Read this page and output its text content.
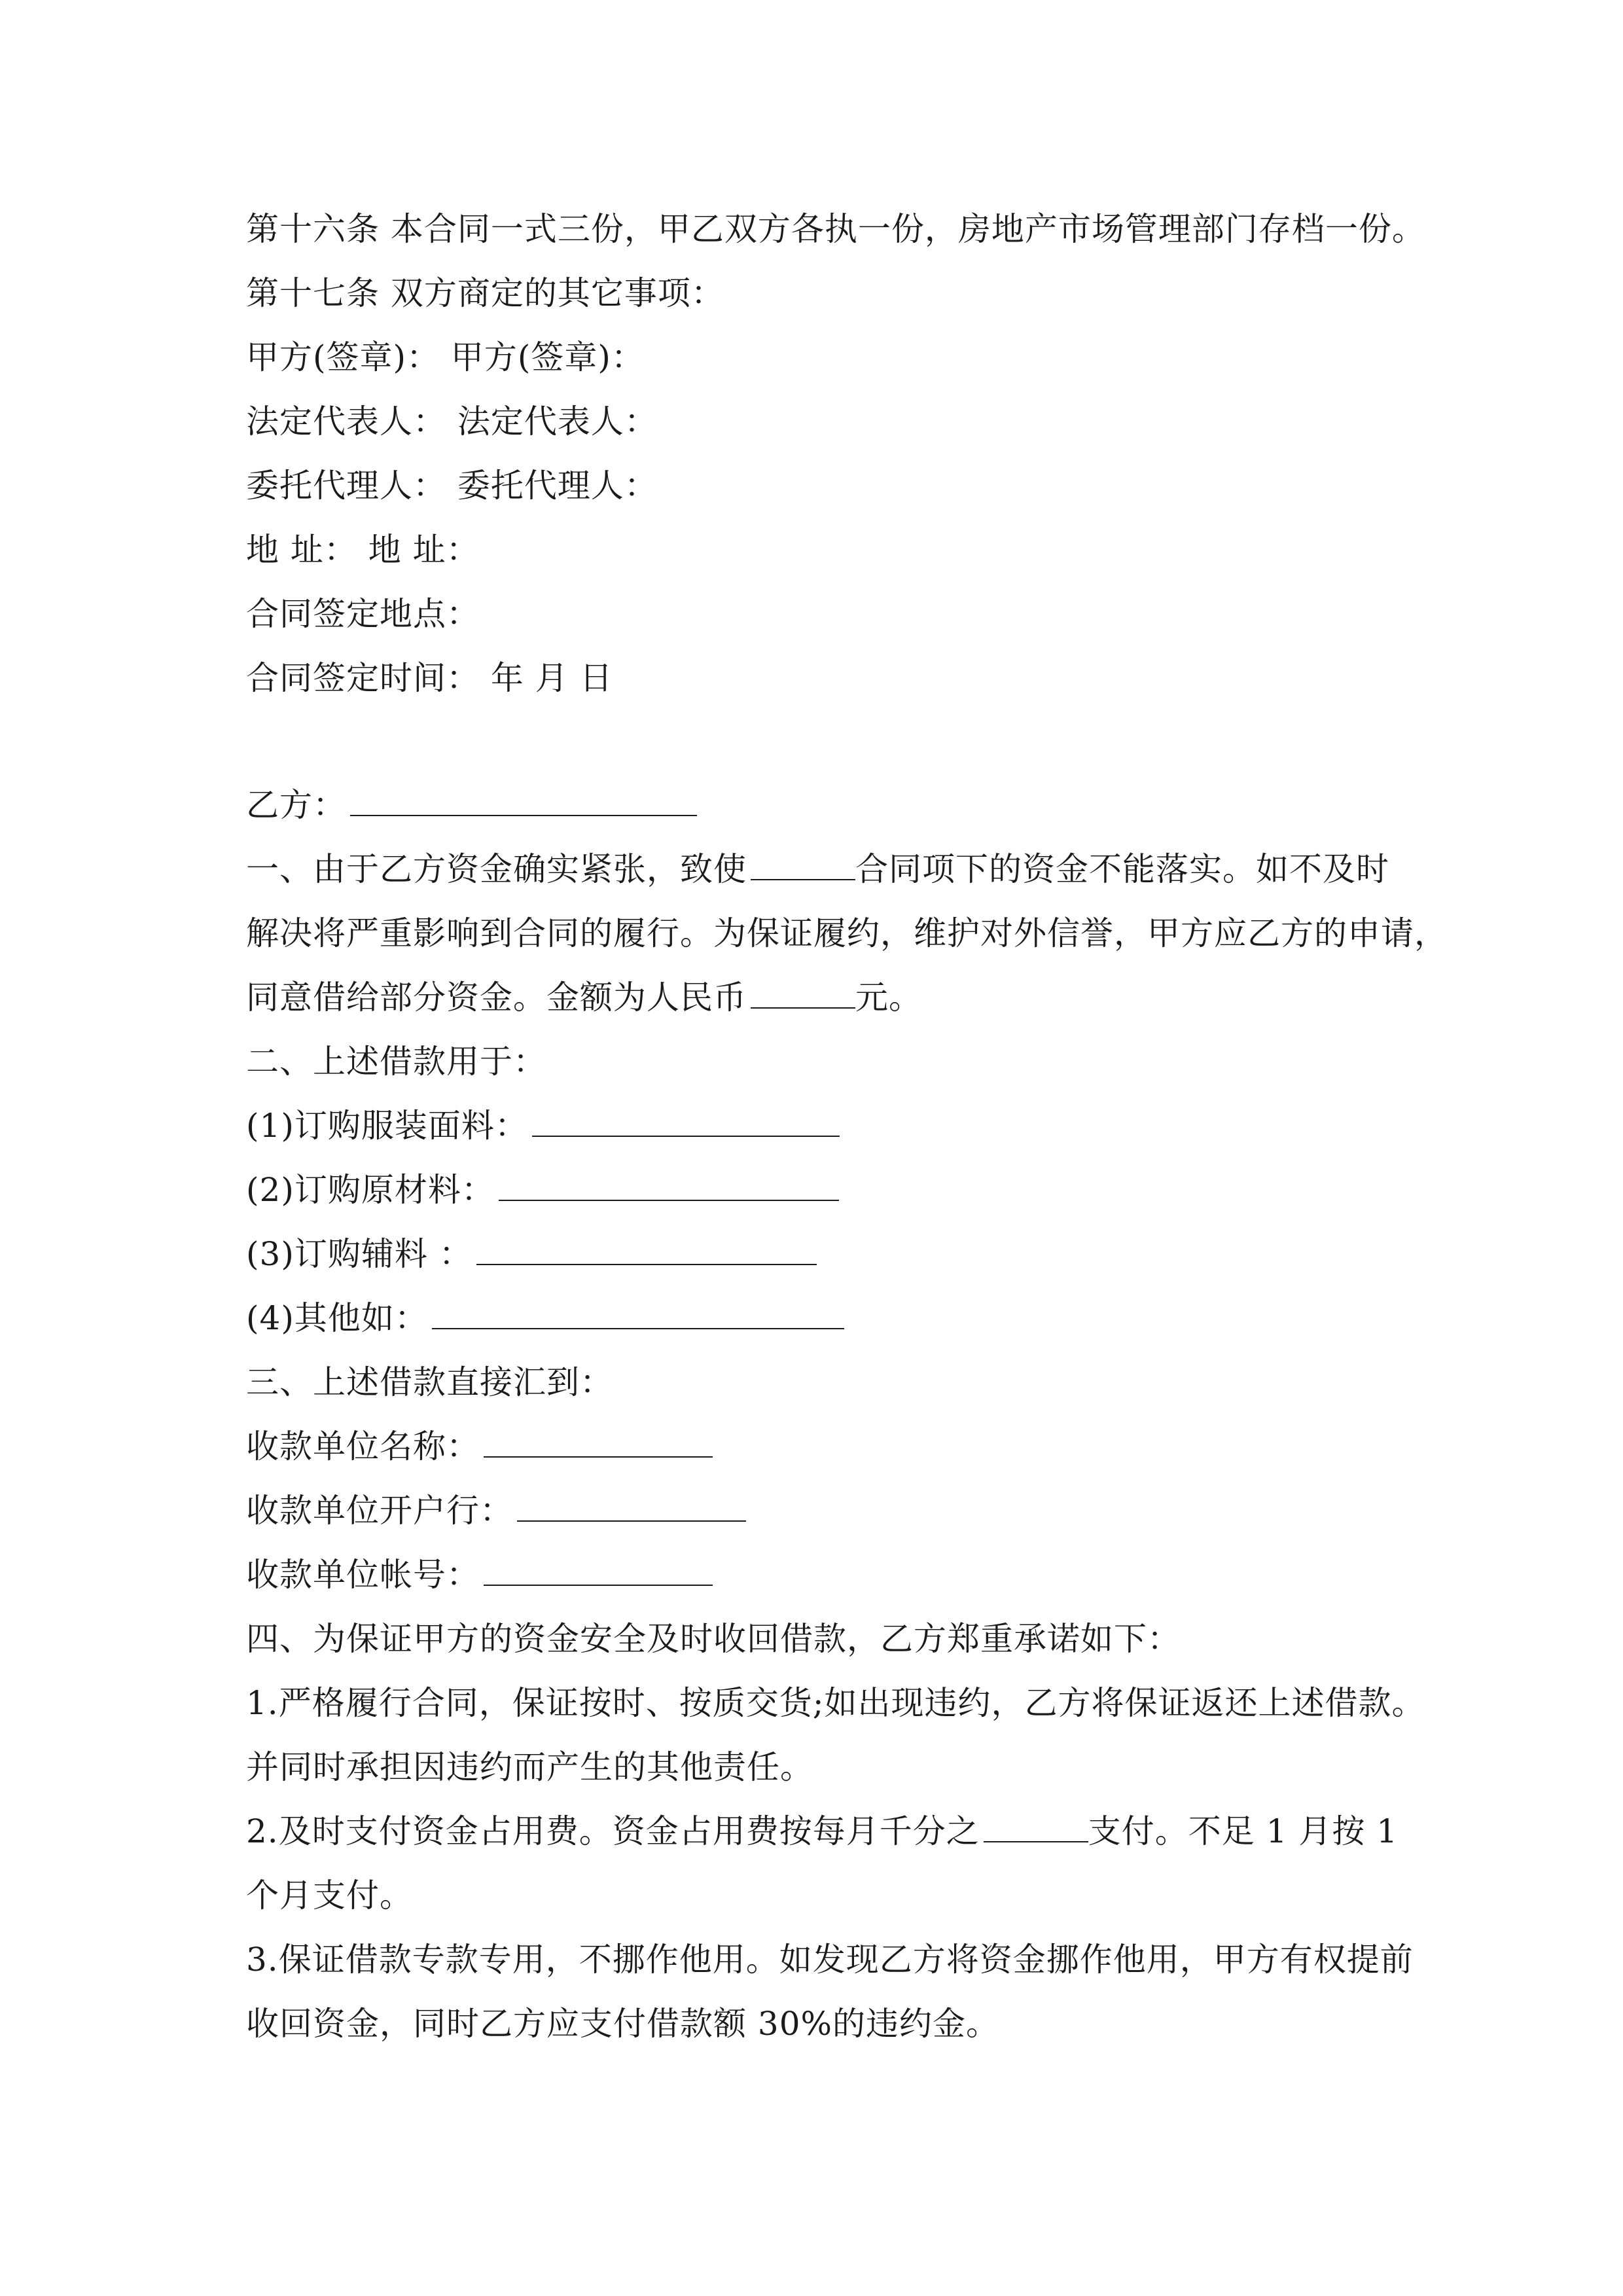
第十六条 本合同一式三份，甲乙双方各执一份，房地产市场管理部门存档一份。
第十七条 双方商定的其它事项：
甲方(签章)： 甲方(签章)：
法定代表人： 法定代表人：
委托代理人： 委托代理人：
地 址： 地 址：
合同签定地点：
合同签定时间： 年 月 日
乙方：
一、由于乙方资金确实紧张，致使	合同项下的资金不能落实。如不及时
解决将严重影响到合同的履行。为保证履约，维护对外信誉，甲方应乙方的申请，
同意借给部分资金。金额为人民币	元。
二、上述借款用于：
(1)订购服装面料：
(2)订购原材料：
(3)订购辅料 ：
(4)其他如：
三、上述借款直接汇到：
收款单位名称：
收款单位开户行：
收款单位帐号：
四、为保证甲方的资金安全及时收回借款，乙方郑重承诺如下：
1.严格履行合同，保证按时、按质交货;如出现违约，乙方将保证返还上述借款。
并同时承担因违约而产生的其他责任。
2.及时支付资金占用费。资金占用费按每月千分之	支付。不足 1 月按 1
个月支付。
3.保证借款专款专用，不挪作他用。如发现乙方将资金挪作他用，甲方有权提前
收回资金，同时乙方应支付借款额 30%的违约金。
